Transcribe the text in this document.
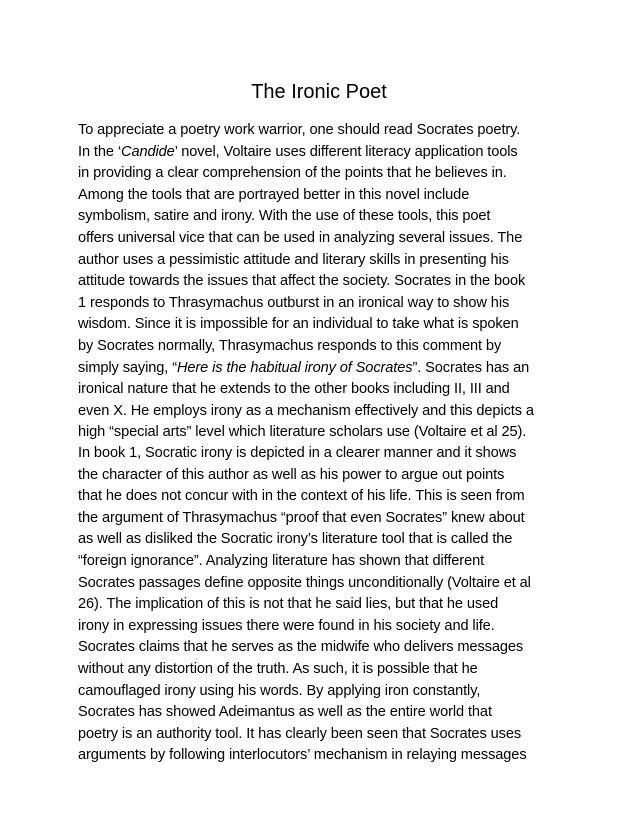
The Ironic Poet
To appreciate a poetry work warrior, one should read Socrates poetry.
In the ‘Candide’ novel, Voltaire uses different literacy application tools
in providing a clear comprehension of the points that he believes in.
Among the tools that are portrayed better in this novel include
symbolism, satire and irony. With the use of these tools, this poet
offers universal vice that can be used in analyzing several issues. The
author uses a pessimistic attitude and literary skills in presenting his
attitude towards the issues that affect the society. Socrates in the book
1 responds to Thrasymachus outburst in an ironical way to show his
wisdom. Since it is impossible for an individual to take what is spoken
by Socrates normally, Thrasymachus responds to this comment by
simply saying, “Here is the habitual irony of Socrates”. Socrates has an
ironical nature that he extends to the other books including II, III and
even X. He employs irony as a mechanism effectively and this depicts a
high “special arts” level which literature scholars use (Voltaire et al 25).
In book 1, Socratic irony is depicted in a clearer manner and it shows
the character of this author as well as his power to argue out points
that he does not concur with in the context of his life. This is seen from
the argument of Thrasymachus “proof that even Socrates” knew about
as well as disliked the Socratic irony’s literature tool that is called the
“foreign ignorance”. Analyzing literature has shown that different
Socrates passages define opposite things unconditionally (Voltaire et al
26). The implication of this is not that he said lies, but that he used
irony in expressing issues there were found in his society and life.
Socrates claims that he serves as the midwife who delivers messages
without any distortion of the truth. As such, it is possible that he
camouflaged irony using his words. By applying iron constantly,
Socrates has showed Adeimantus as well as the entire world that
poetry is an authority tool. It has clearly been seen that Socrates uses
arguments by following interlocutors’ mechanism in relaying messages
